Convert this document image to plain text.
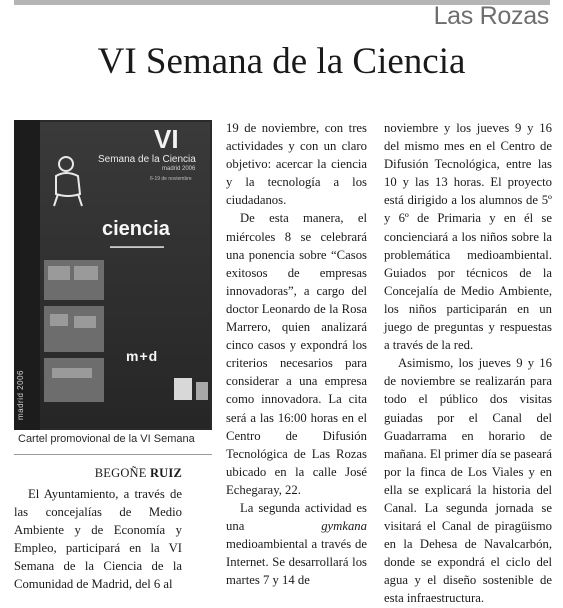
Las Rozas
VI Semana de la Ciencia
madrid 2006
VI
Semana de la Ciencia
madrid 2006
6-19 de noviembre
ciencia
▬▬▬▬▬▬▬▬▬
m+d
Cartel promovional de la VI Semana
BEGOÑE RUIZ

El Ayuntamiento, a través de las concejalías de Medio Ambiente y de Economía y Empleo, participará en la VI Semana de la Ciencia de la Comunidad de Madrid, del 6 al

19 de noviembre, con tres actividades y con un claro objetivo: acercar la ciencia y la tecnología a los ciudadanos.

De esta manera, el miércoles 8 se celebrará una ponencia sobre “Casos exitosos de empresas innovadoras”, a cargo del doctor Leonardo de la Rosa Marrero, quien analizará cinco casos y expondrá los criterios necesarios para considerar a una empresa como innovadora. La cita será a las 16:00 horas en el Centro de Difusión Tecnológica de Las Rozas ubicado en la calle José Echegaray, 22.

La segunda actividad es una gymkana medioambiental a través de Internet. Se desarrollará los martes 7 y 14 de

noviembre y los jueves 9 y 16 del mismo mes en el Centro de Difusión Tecnológica, entre las 10 y las 13 horas. El proyecto está dirigido a los alumnos de 5º y 6º de Primaria y en él se concienciará a los niños sobre la problemática medioambiental. Guiados por técnicos de la Concejalía de Medio Ambiente, los niños participarán en un juego de preguntas y respuestas a través de la red.

Asimismo, los jueves 9 y 16 de noviembre se realizarán para todo el público dos visitas guiadas por el Canal del Guadarrama en horario de mañana. El primer día se paseará por la finca de Los Viales y en ella se explicará la historia del Canal. La segunda jornada se visitará el Canal de piragüismo en la Dehesa de Navalcarbón, donde se expondrá el ciclo del agua y el diseño sostenible de esta infraestructura.
